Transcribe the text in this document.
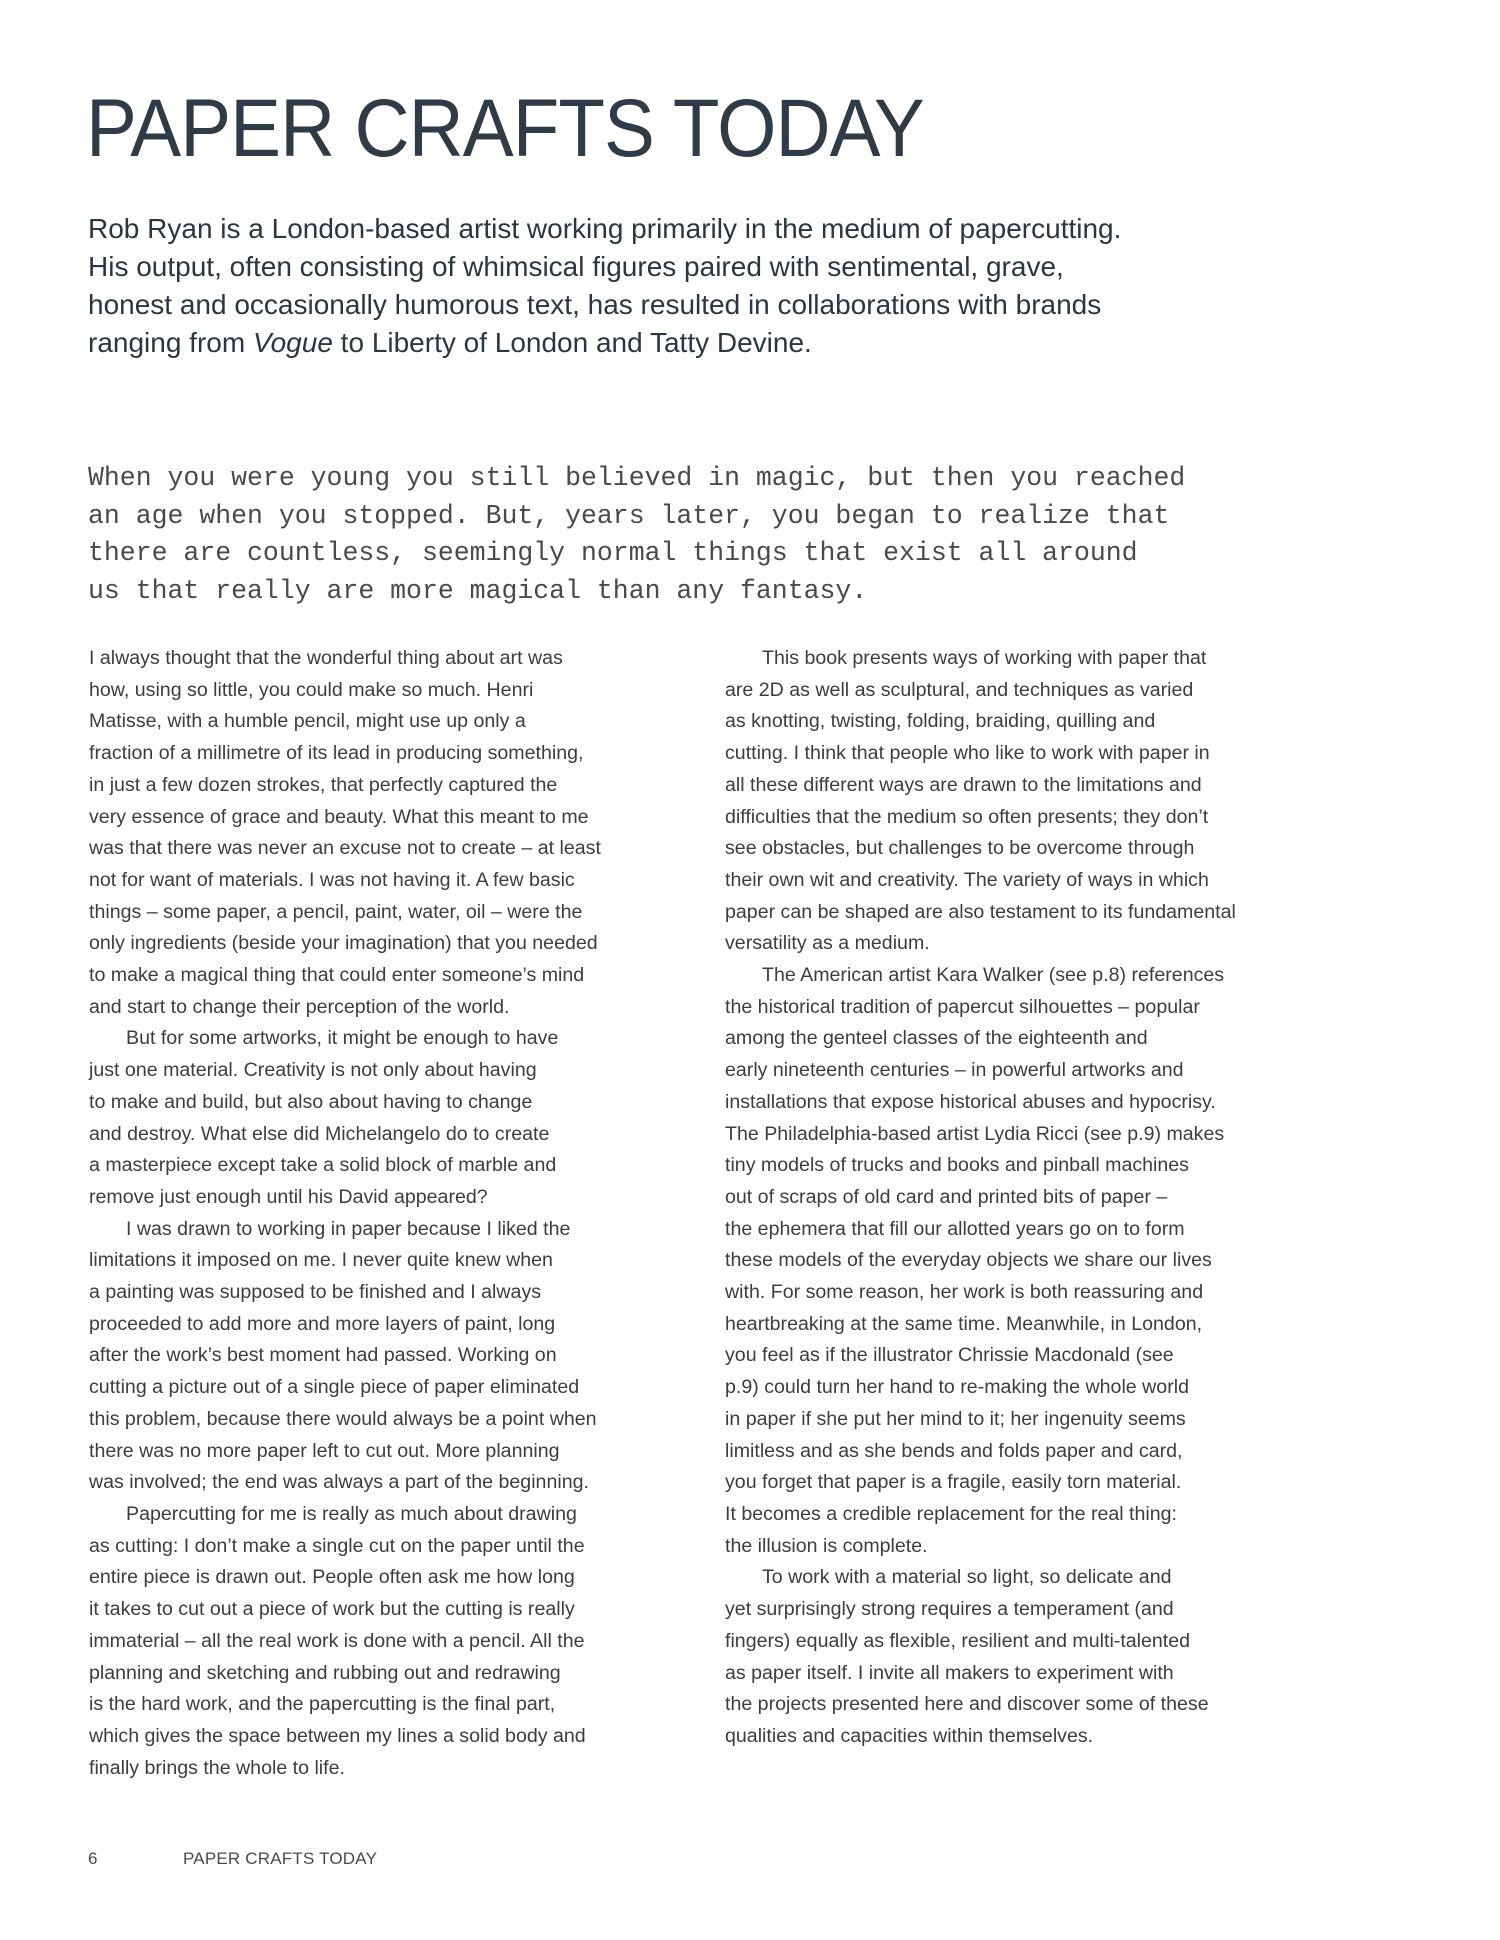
PAPER CRAFTS TODAY
Rob Ryan is a London-based artist working primarily in the medium of papercutting.
His output, often consisting of whimsical figures paired with sentimental, grave,
honest and occasionally humorous text, has resulted in collaborations with brands
ranging from Vogue to Liberty of London and Tatty Devine.
When you were young you still believed in magic, but then you reached
an age when you stopped. But, years later, you began to realize that
there are countless, seemingly normal things that exist all around
us that really are more magical than any fantasy.

I always thought that the wonderful thing about art was
how, using so little, you could make so much. Henri
Matisse, with a humble pencil, might use up only a
fraction of a millimetre of its lead in producing something,
in just a few dozen strokes, that perfectly captured the
very essence of grace and beauty. What this meant to me
was that there was never an excuse not to create – at least
not for want of materials. I was not having it. A few basic
things – some paper, a pencil, paint, water, oil – were the
only ingredients (beside your imagination) that you needed
to make a magical thing that could enter someone’s mind
and start to change their perception of the world.

But for some artworks, it might be enough to have
just one material. Creativity is not only about having
to make and build, but also about having to change
and destroy. What else did Michelangelo do to create
a masterpiece except take a solid block of marble and
remove just enough until his David appeared?

I was drawn to working in paper because I liked the
limitations it imposed on me. I never quite knew when
a painting was supposed to be finished and I always
proceeded to add more and more layers of paint, long
after the work’s best moment had passed. Working on
cutting a picture out of a single piece of paper eliminated
this problem, because there would always be a point when
there was no more paper left to cut out. More planning
was involved; the end was always a part of the beginning.

Papercutting for me is really as much about drawing
as cutting: I don’t make a single cut on the paper until the
entire piece is drawn out. People often ask me how long
it takes to cut out a piece of work but the cutting is really
immaterial – all the real work is done with a pencil. All the
planning and sketching and rubbing out and redrawing
is the hard work, and the papercutting is the final part,
which gives the space between my lines a solid body and
finally brings the whole to life.

This book presents ways of working with paper that
are 2D as well as sculptural, and techniques as varied
as knotting, twisting, folding, braiding, quilling and
cutting. I think that people who like to work with paper in
all these different ways are drawn to the limitations and
difficulties that the medium so often presents; they don’t
see obstacles, but challenges to be overcome through
their own wit and creativity. The variety of ways in which
paper can be shaped are also testament to its fundamental
versatility as a medium.

The American artist Kara Walker (see p.8) references
the historical tradition of papercut silhouettes – popular
among the genteel classes of the eighteenth and
early nineteenth centuries – in powerful artworks and
installations that expose historical abuses and hypocrisy.
The Philadelphia-based artist Lydia Ricci (see p.9) makes
tiny models of trucks and books and pinball machines
out of scraps of old card and printed bits of paper –
the ephemera that fill our allotted years go on to form
these models of the everyday objects we share our lives
with. For some reason, her work is both reassuring and
heartbreaking at the same time. Meanwhile, in London,
you feel as if the illustrator Chrissie Macdonald (see
p.9) could turn her hand to re-making the whole world
in paper if she put her mind to it; her ingenuity seems
limitless and as she bends and folds paper and card,
you forget that paper is a fragile, easily torn material.
It becomes a credible replacement for the real thing:
the illusion is complete.

To work with a material so light, so delicate and
yet surprisingly strong requires a temperament (and
fingers) equally as flexible, resilient and multi-talented
as paper itself. I invite all makers to experiment with
the projects presented here and discover some of these
qualities and capacities within themselves.

6	PAPER CRAFTS TODAY
